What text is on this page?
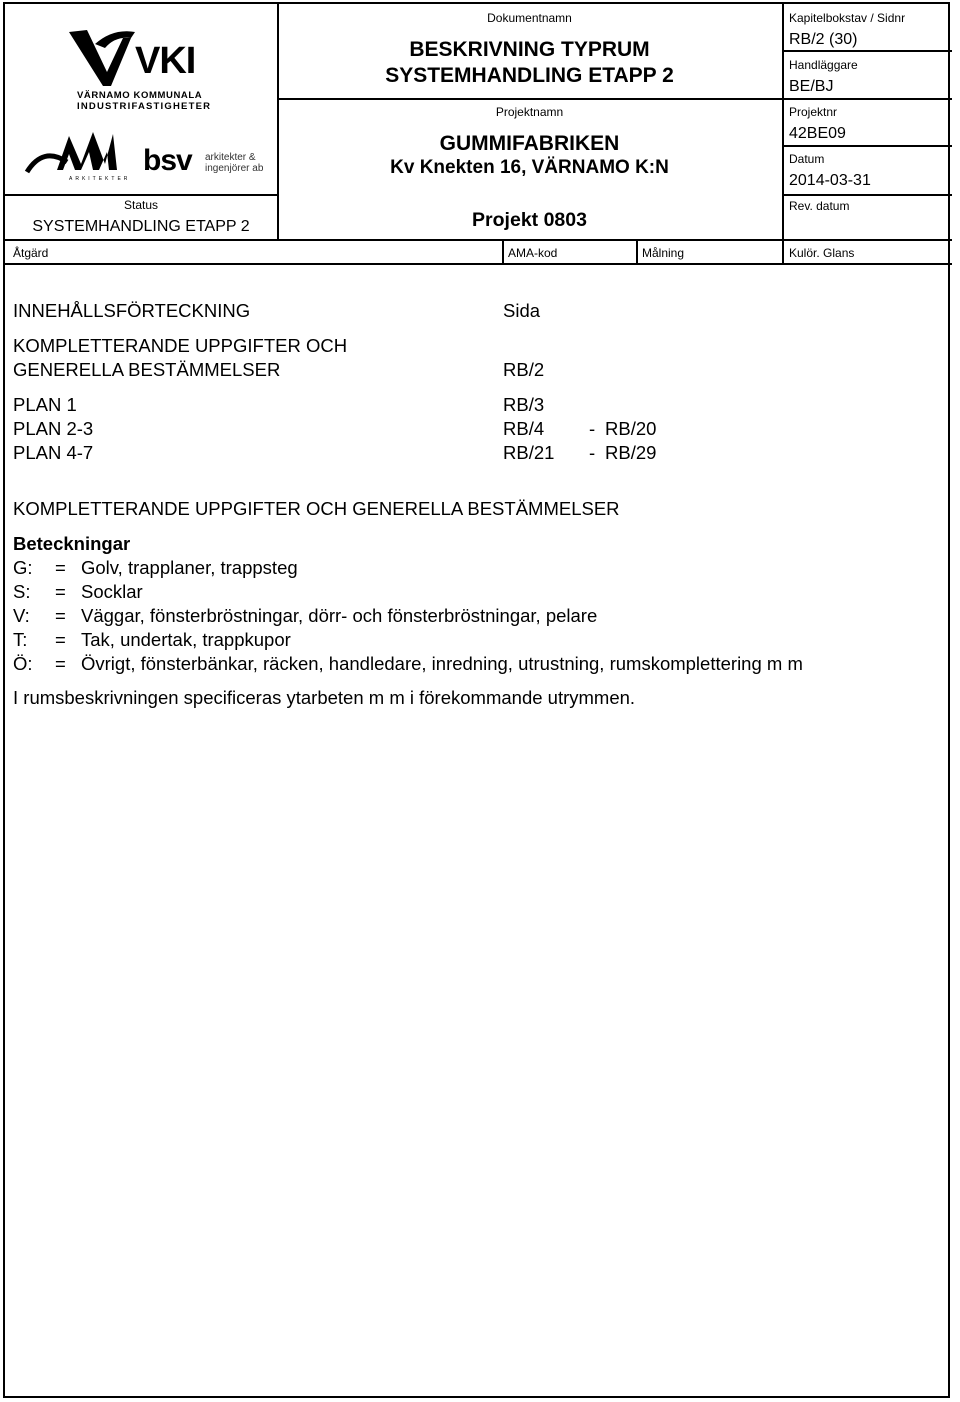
VKI
VÄRNAMO KOMMUNALA
INDUSTRIFASTIGHETER
ARKITEKTER
bsv arkitekter &
ingenjörer ab
Status
SYSTEMHANDLING ETAPP 2
Dokumentnamn
BESKRIVNING TYPRUM
SYSTEMHANDLING ETAPP 2
Projektnamn
GUMMIFABRIKEN
Kv Knekten 16, VÄRNAMO K:N
Projekt 0803
Kapitelbokstav / Sidnr
RB/2 (30)
Handläggare
BE/BJ
Projektnr
42BE09
Datum
2014-03-31
Rev. datum
Åtgärd	AMA-kod	Målning	Kulör. Glans
INNEHÅLLSFÖRTECKNING	Sida
KOMPLETTERANDE UPPGIFTER OCH
GENERELLA BESTÄMMELSER	RB/2
PLAN 1	RB/3
PLAN 2-3	RB/4 - RB/20
PLAN 4-7	RB/21 - RB/29
KOMPLETTERANDE UPPGIFTER OCH GENERELLA BESTÄMMELSER
Beteckningar
G: = Golv, trapplaner, trappsteg
S: = Socklar
V: = Väggar, fönsterbröstningar, dörr- och fönsterbröstningar, pelare
T: = Tak, undertak, trappkupor
Ö: = Övrigt, fönsterbänkar, räcken, handledare, inredning, utrustning, rumskomplettering m m
I rumsbeskrivningen specificeras ytarbeten m m i förekommande utrymmen.
